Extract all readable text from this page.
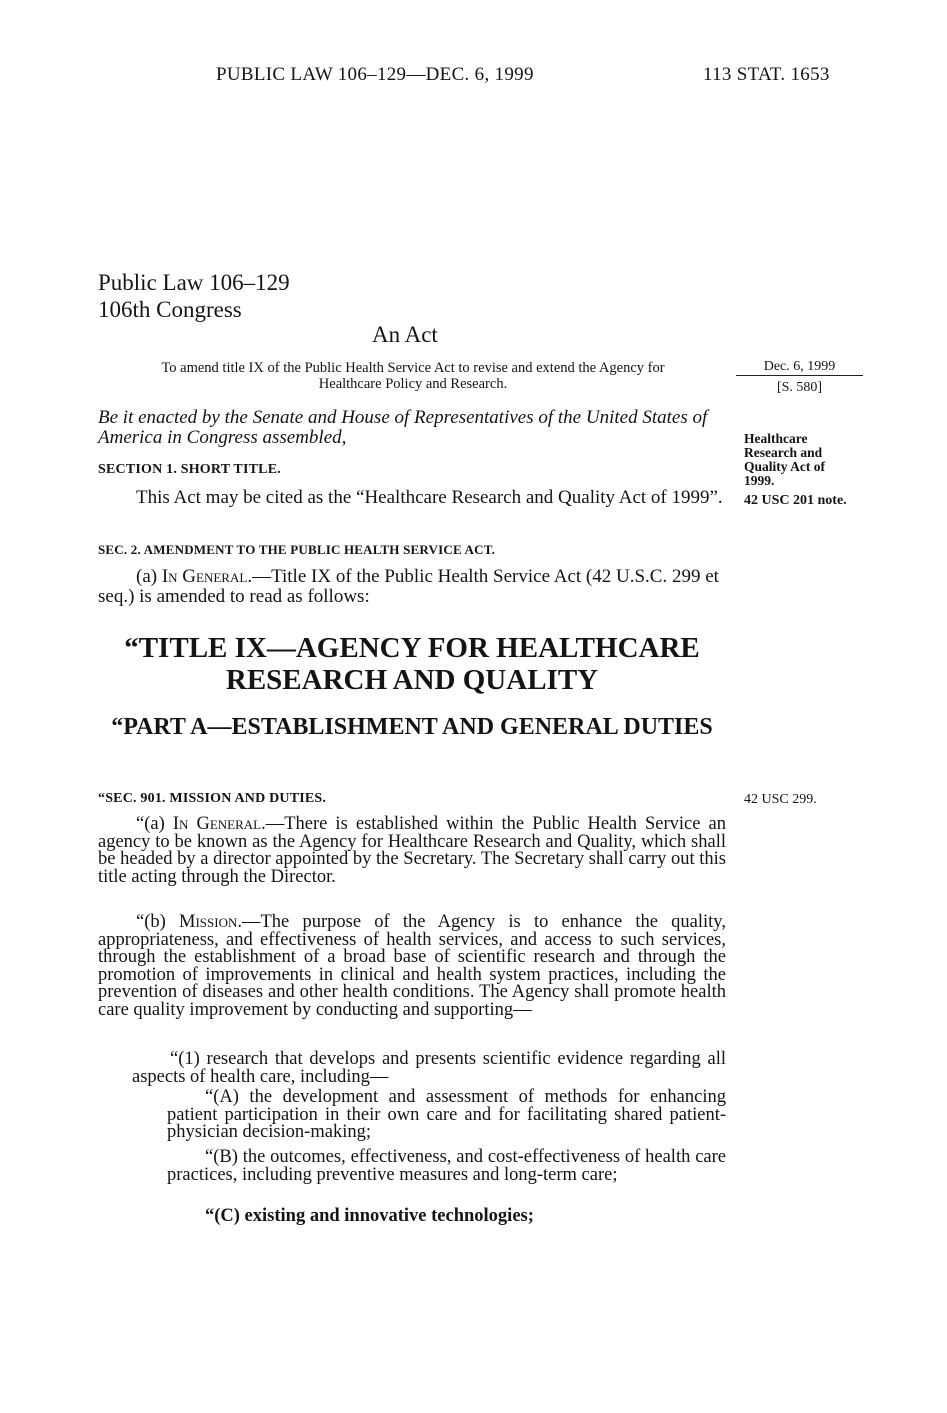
PUBLIC LAW 106–129—DEC. 6, 1999	113 STAT. 1653
Public Law 106–129
106th Congress
An Act
To amend title IX of the Public Health Service Act to revise and extend the Agency for Healthcare Policy and Research.
Dec. 6, 1999
[S. 580]
Healthcare Research and Quality Act of 1999.
42 USC 201 note.
42 USC 299.
Be it enacted by the Senate and House of Representatives of the United States of America in Congress assembled,
SECTION 1. SHORT TITLE.
This Act may be cited as the “Healthcare Research and Quality Act of 1999”.
SEC. 2. AMENDMENT TO THE PUBLIC HEALTH SERVICE ACT.
(a) In General.—Title IX of the Public Health Service Act (42 U.S.C. 299 et seq.) is amended to read as follows:
“TITLE IX—AGENCY FOR HEALTHCARE RESEARCH AND QUALITY
“PART A—ESTABLISHMENT AND GENERAL DUTIES
“SEC. 901. MISSION AND DUTIES.
“(a) In General.—There is established within the Public Health Service an agency to be known as the Agency for Healthcare Research and Quality, which shall be headed by a director appointed by the Secretary. The Secretary shall carry out this title acting through the Director.
“(b) Mission.—The purpose of the Agency is to enhance the quality, appropriateness, and effectiveness of health services, and access to such services, through the establishment of a broad base of scientific research and through the promotion of improvements in clinical and health system practices, including the prevention of diseases and other health conditions. The Agency shall promote health care quality improvement by conducting and supporting—
“(1) research that develops and presents scientific evidence regarding all aspects of health care, including—
“(A) the development and assessment of methods for enhancing patient participation in their own care and for facilitating shared patient-physician decision-making;
“(B) the outcomes, effectiveness, and cost-effectiveness of health care practices, including preventive measures and long-term care;
“(C) existing and innovative technologies;
